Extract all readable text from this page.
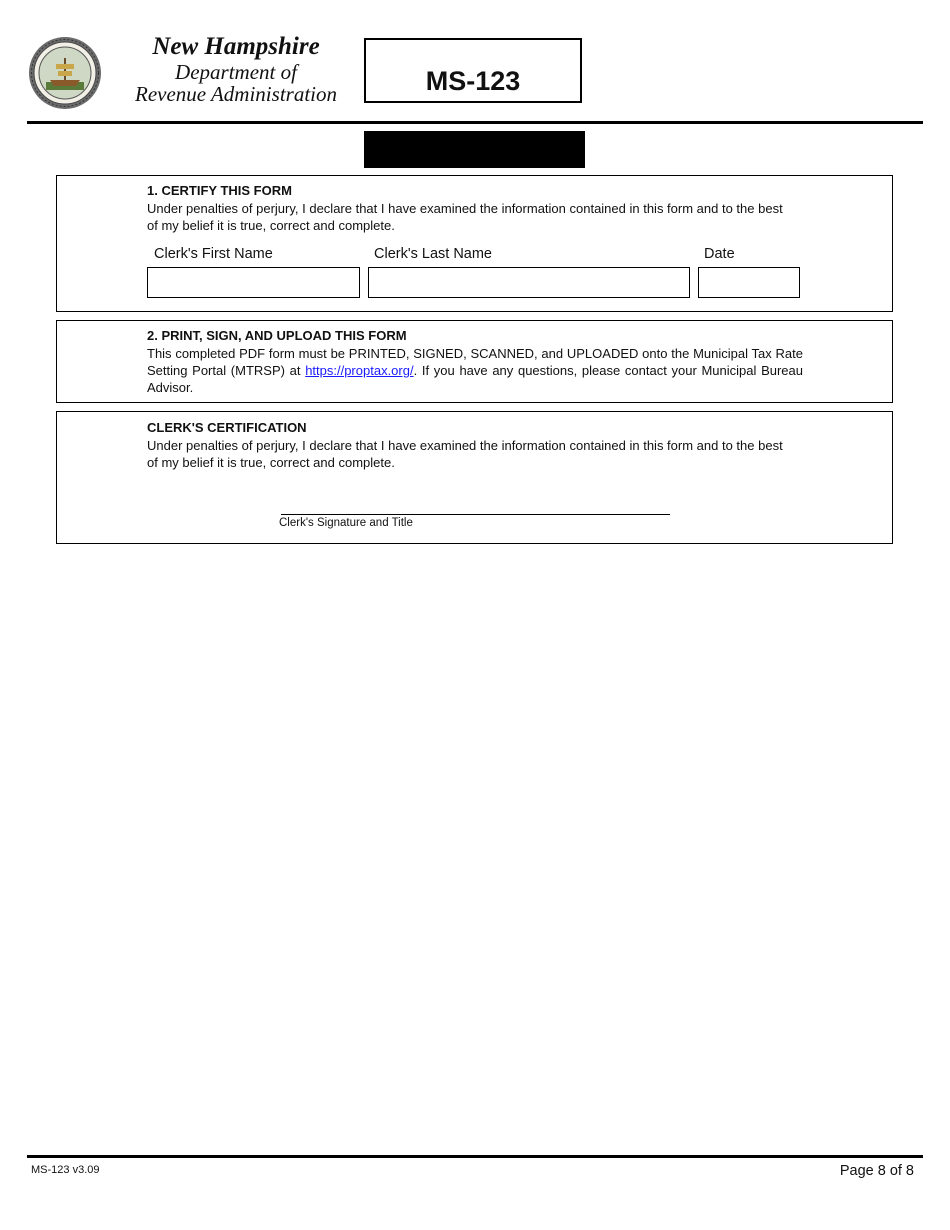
New Hampshire
Department of
Revenue Administration	MS-123
1. CERTIFY THIS FORM
Under penalties of perjury, I declare that I have examined the information contained in this form and to the best
of my belief it is true, correct and complete.
Clerk's First Name	Clerk's Last Name	Date
2. PRINT, SIGN, AND UPLOAD THIS FORM
This completed PDF form must be PRINTED, SIGNED, SCANNED, and UPLOADED onto the Municipal Tax Rate
Setting Portal (MTRSP) at https://proptax.org/. If you have any questions, please contact your Municipal Bureau
Advisor.
CLERK'S CERTIFICATION
Under penalties of perjury, I declare that I have examined the information contained in this form and to the best
of my belief it is true, correct and complete.
Clerk's Signature and Title
MS-123 v3.09	Page 8 of 8
